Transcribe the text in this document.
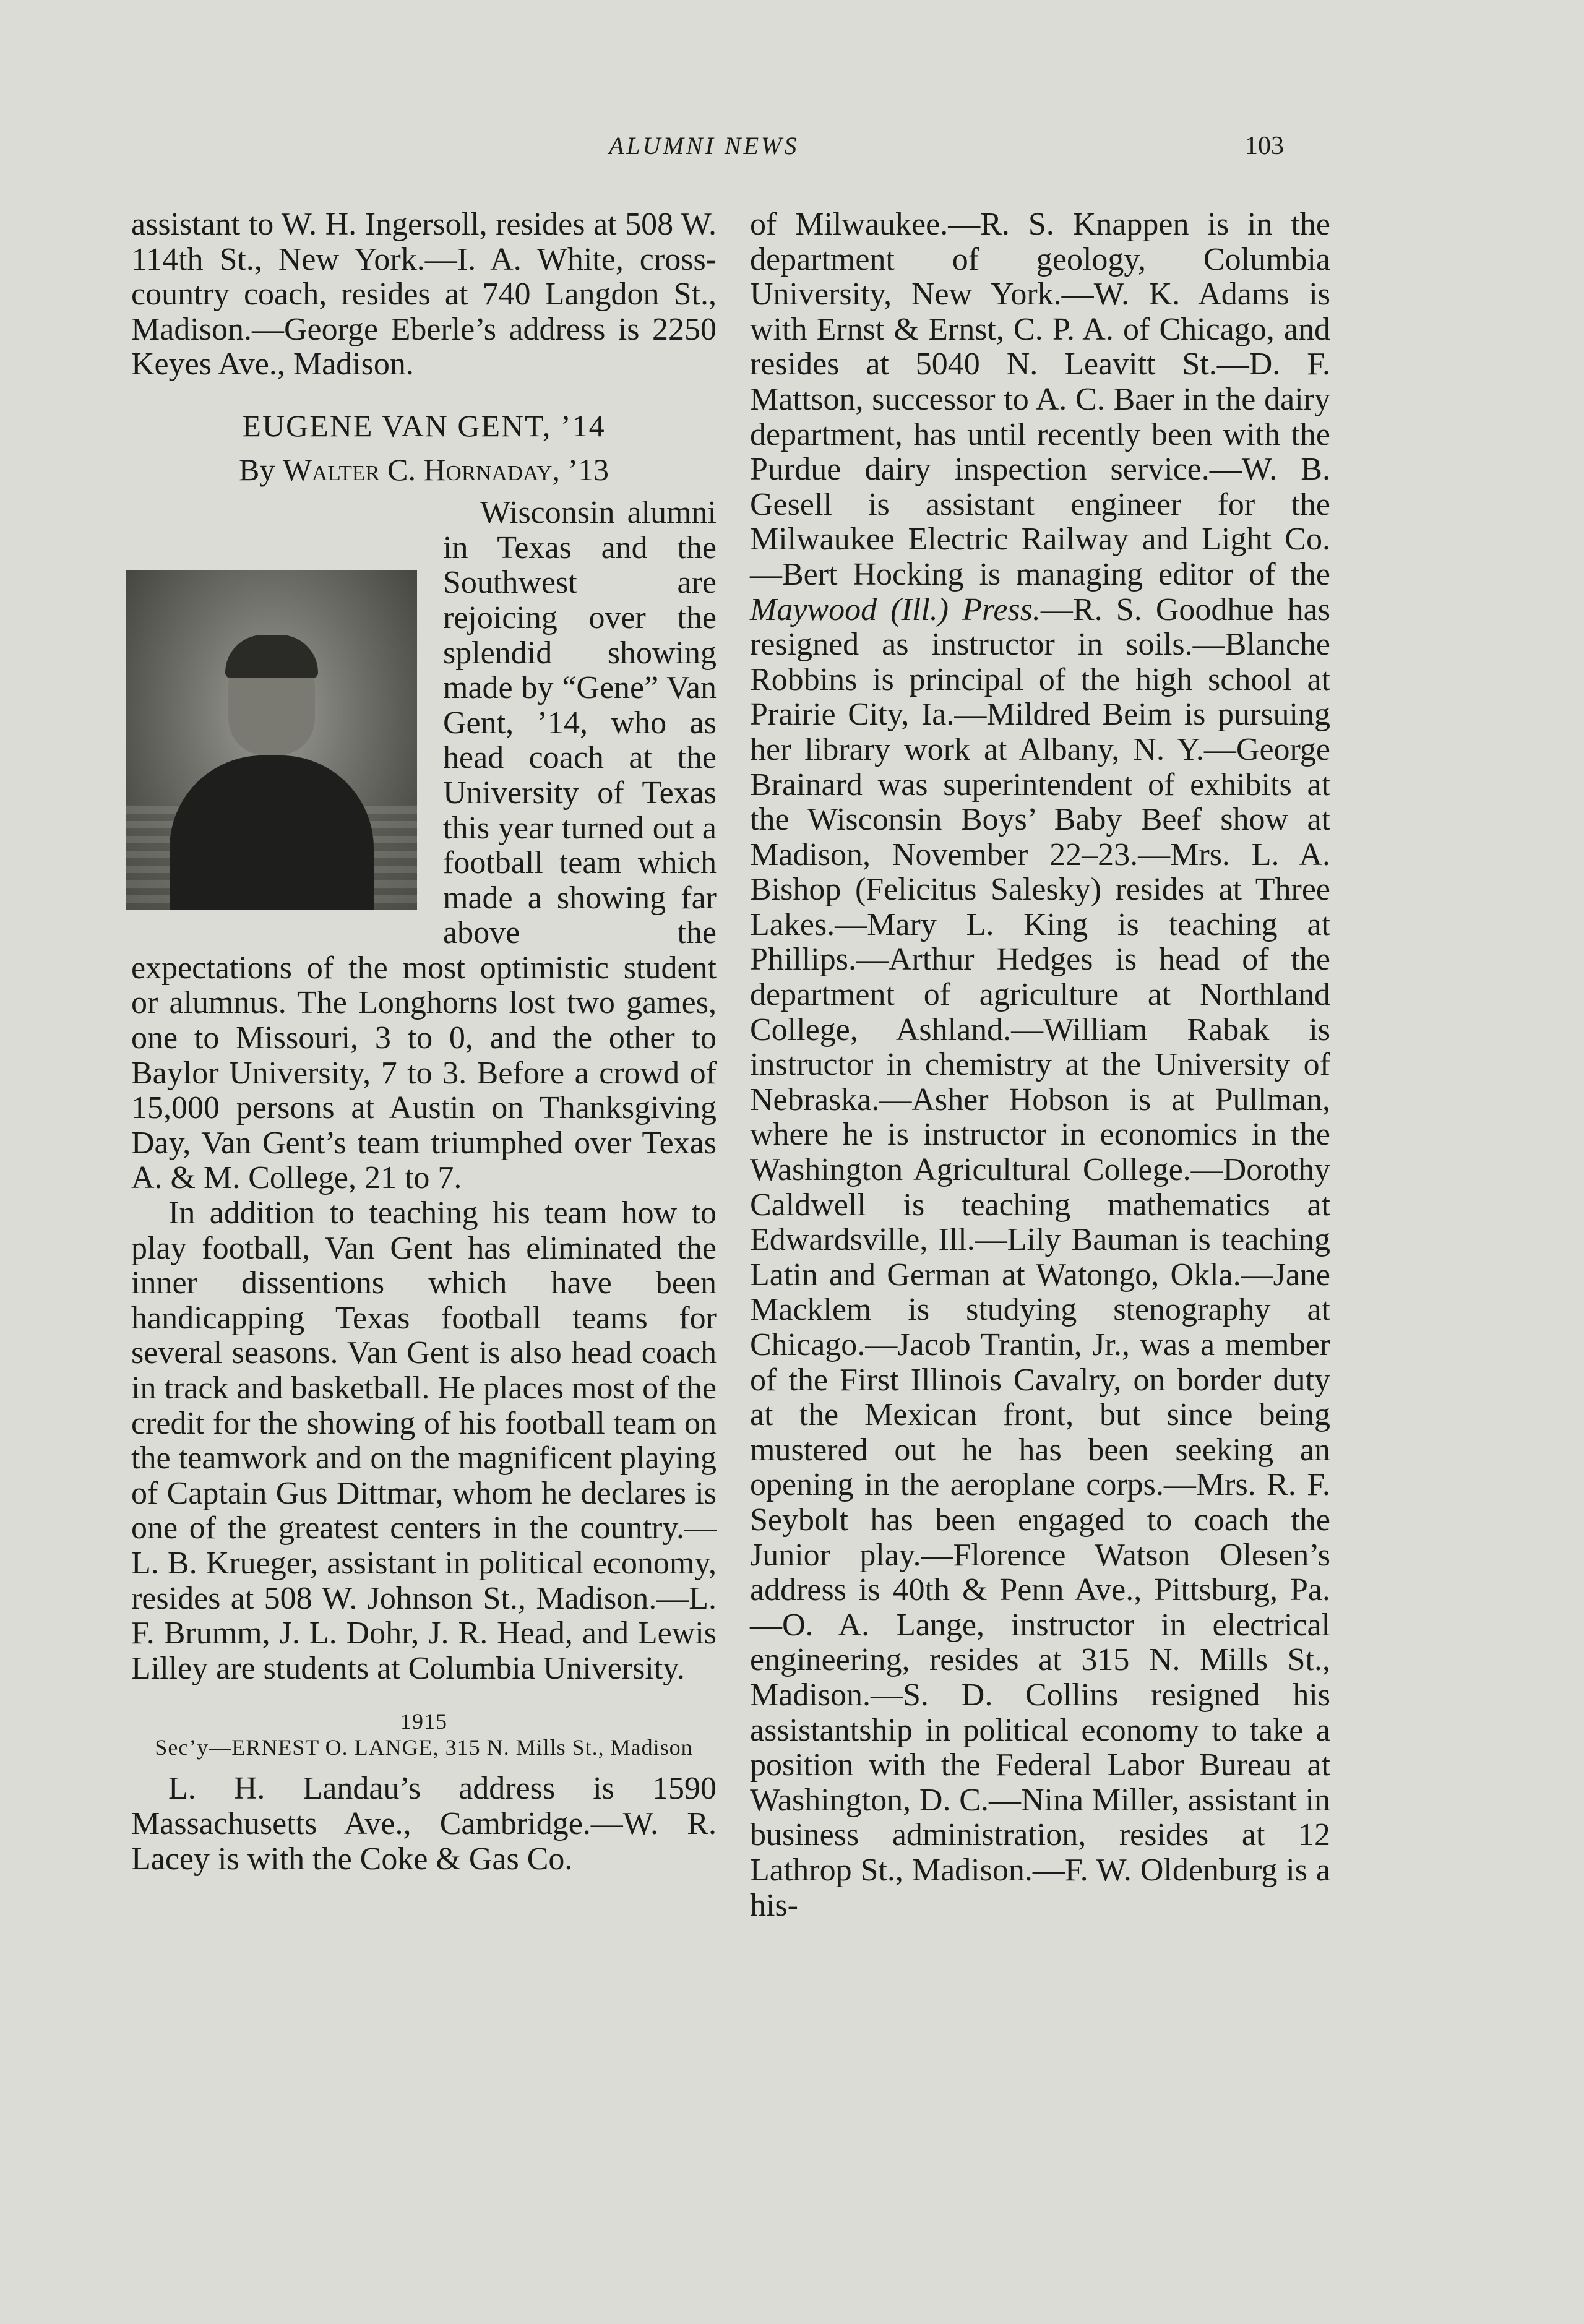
ALUMNI NEWS	103

assistant to W. H. Ingersoll, resides at 508 W. 114th St., New York.—I. A. White, cross-country coach, resides at 740 Langdon St., Madison.—George Eberle’s address is 2250 Keyes Ave., Madison.

EUGENE VAN GENT, ’14
By Walter C. Hornaday, ’13

Wisconsin alumni in Texas and the Southwest are rejoicing over the splendid showing made by “Gene” Van Gent, ’14, who as head coach at the University of Texas this year turned out a football team which made a showing far above the expectations of the most optimistic student or alumnus. The Longhorns lost two games, one to Missouri, 3 to 0, and the other to Baylor University, 7 to 3. Before a crowd of 15,000 persons at Austin on Thanksgiving Day, Van Gent’s team triumphed over Texas A. & M. College, 21 to 7.

In addition to teaching his team how to play football, Van Gent has eliminated the inner dissentions which have been handicapping Texas football teams for several seasons. Van Gent is also head coach in track and basketball. He places most of the credit for the showing of his football team on the teamwork and on the magnificent playing of Captain Gus Dittmar, whom he declares is one of the greatest centers in the country.—L. B. Krueger, assistant in political economy, resides at 508 W. Johnson St., Madison.—L. F. Brumm, J. L. Dohr, J. R. Head, and Lewis Lilley are students at Columbia University.

1915
Sec’y—ERNEST O. LANGE, 315 N. Mills St., Madison

L. H. Landau’s address is 1590 Massachusetts Ave., Cambridge.—W. R. Lacey is with the Coke & Gas Co.

of Milwaukee.—R. S. Knappen is in the department of geology, Columbia University, New York.—W. K. Adams is with Ernst & Ernst, C. P. A. of Chicago, and resides at 5040 N. Leavitt St.—D. F. Mattson, successor to A. C. Baer in the dairy department, has until recently been with the Purdue dairy inspection service.—W. B. Gesell is assistant engineer for the Milwaukee Electric Railway and Light Co.—Bert Hocking is managing editor of the Maywood (Ill.) Press.—R. S. Goodhue has resigned as instructor in soils.—Blanche Robbins is principal of the high school at Prairie City, Ia.—Mildred Beim is pursuing her library work at Albany, N. Y.—George Brainard was superintendent of exhibits at the Wisconsin Boys’ Baby Beef show at Madison, November 22–23.—Mrs. L. A. Bishop (Felicitus Salesky) resides at Three Lakes.—Mary L. King is teaching at Phillips.—Arthur Hedges is head of the department of agriculture at Northland College, Ashland.—William Rabak is instructor in chemistry at the University of Nebraska.—Asher Hobson is at Pullman, where he is instructor in economics in the Washington Agricultural College.—Dorothy Caldwell is teaching mathematics at Edwardsville, Ill.—Lily Bauman is teaching Latin and German at Watongo, Okla.—Jane Macklem is studying stenography at Chicago.—Jacob Trantin, Jr., was a member of the First Illinois Cavalry, on border duty at the Mexican front, but since being mustered out he has been seeking an opening in the aeroplane corps.—Mrs. R. F. Seybolt has been engaged to coach the Junior play.—Florence Watson Olesen’s address is 40th & Penn Ave., Pittsburg, Pa.—O. A. Lange, instructor in electrical engineering, resides at 315 N. Mills St., Madison.—S. D. Collins resigned his assistantship in political economy to take a position with the Federal Labor Bureau at Washington, D. C.—Nina Miller, assistant in business administration, resides at 12 Lathrop St., Madison.—F. W. Oldenburg is a his-
